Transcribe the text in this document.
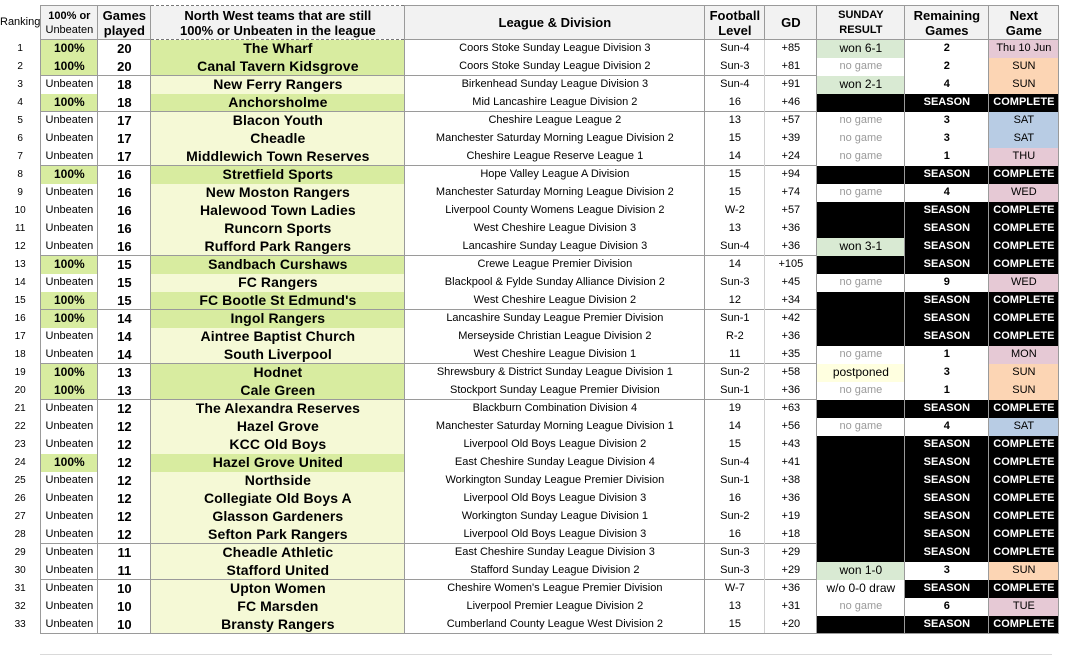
Ranking	100% or
Unbeaten	Games
played	North West teams that are still
100% or Unbeaten in the league	League & Division	Football
Level	GD	SUNDAY
RESULT	Remaining
Games	Next
Game
1	100%	20	The Wharf	Coors Stoke Sunday League Division 3	Sun-4	+85	won 6-1	2	Thu 10 Jun
2	100%	20	Canal Tavern Kidsgrove	Coors Stoke Sunday League Division 2	Sun-3	+81	no game	2	SUN
3	Unbeaten	18	New Ferry Rangers	Birkenhead Sunday League Division 3	Sun-4	+91	won 2-1	4	SUN
4	100%	18	Anchorsholme	Mid Lancashire League Division 2	16	+46		SEASON	COMPLETE
5	Unbeaten	17	Blacon Youth	Cheshire League League 2	13	+57	no game	3	SAT
6	Unbeaten	17	Cheadle	Manchester Saturday Morning League Division 2	15	+39	no game	3	SAT
7	Unbeaten	17	Middlewich Town Reserves	Cheshire League Reserve League 1	14	+24	no game	1	THU
8	100%	16	Stretfield Sports	Hope Valley League A Division	15	+94		SEASON	COMPLETE
9	Unbeaten	16	New Moston Rangers	Manchester Saturday Morning League Division 2	15	+74	no game	4	WED
10	Unbeaten	16	Halewood Town Ladies	Liverpool County Womens League Division 2	W-2	+57		SEASON	COMPLETE
11	Unbeaten	16	Runcorn Sports	West Cheshire League Division 3	13	+36		SEASON	COMPLETE
12	Unbeaten	16	Rufford Park Rangers	Lancashire Sunday League Division 3	Sun-4	+36	won 3-1	SEASON	COMPLETE
13	100%	15	Sandbach Curshaws	Crewe League Premier Division	14	+105		SEASON	COMPLETE
14	Unbeaten	15	FC Rangers	Blackpool & Fylde Sunday Alliance Division 2	Sun-3	+45	no game	9	WED
15	100%	15	FC Bootle St Edmund's	West Cheshire League Division 2	12	+34		SEASON	COMPLETE
16	100%	14	Ingol Rangers	Lancashire Sunday League Premier Division	Sun-1	+42		SEASON	COMPLETE
17	Unbeaten	14	Aintree Baptist Church	Merseyside Christian League Division 2	R-2	+36		SEASON	COMPLETE
18	Unbeaten	14	South Liverpool	West Cheshire League Division 1	11	+35	no game	1	MON
19	100%	13	Hodnet	Shrewsbury & District Sunday League Division 1	Sun-2	+58	postponed	3	SUN
20	100%	13	Cale Green	Stockport Sunday League Premier Division	Sun-1	+36	no game	1	SUN
21	Unbeaten	12	The Alexandra Reserves	Blackburn Combination Division 4	19	+63		SEASON	COMPLETE
22	Unbeaten	12	Hazel Grove	Manchester Saturday Morning League Division 1	14	+56	no game	4	SAT
23	Unbeaten	12	KCC Old Boys	Liverpool Old Boys League Division 2	15	+43		SEASON	COMPLETE
24	100%	12	Hazel Grove United	East Cheshire Sunday League Division 4	Sun-4	+41		SEASON	COMPLETE
25	Unbeaten	12	Northside	Workington Sunday League Premier Division	Sun-1	+38		SEASON	COMPLETE
26	Unbeaten	12	Collegiate Old Boys A	Liverpool Old Boys League Division 3	16	+36		SEASON	COMPLETE
27	Unbeaten	12	Glasson Gardeners	Workington Sunday League Division 1	Sun-2	+19		SEASON	COMPLETE
28	Unbeaten	12	Sefton Park Rangers	Liverpool Old Boys League Division 3	16	+18		SEASON	COMPLETE
29	Unbeaten	11	Cheadle Athletic	East Cheshire Sunday League Division 3	Sun-3	+29		SEASON	COMPLETE
30	Unbeaten	11	Stafford United	Stafford Sunday League Division 2	Sun-3	+29	won 1-0	3	SUN
31	Unbeaten	10	Upton Women	Cheshire Women's League Premier Division	W-7	+36	w/o 0-0 draw	SEASON	COMPLETE
32	Unbeaten	10	FC Marsden	Liverpool Premier League Division 2	13	+31	no game	6	TUE
33	Unbeaten	10	Bransty Rangers	Cumberland County League West Division 2	15	+20		SEASON	COMPLETE
